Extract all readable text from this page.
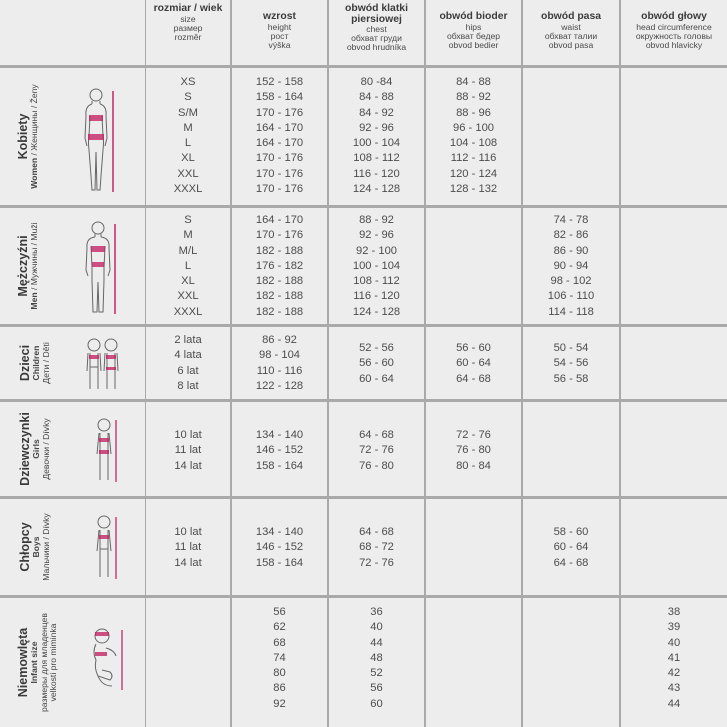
rozmiar / wiek
size
размер
rozměr
wzrost
height
рост
výška
obwód klatki piersiowej
chest
обхват груди
obvod hrudníka
obwód bioder
hips
обхват бедер
obvod bedier
obwód pasa
waist
обхват талии
obvod pasa
obwód głowy
head circumference
окружность головы
obvod hlavicky
Kobiety
Women / Женщины / Ženy
XS
S
S/M
M
L
XL
XXL
XXXL
152 - 158
158 - 164
170 - 176
164 - 170
164 - 170
170 - 176
170 - 176
170 - 176
80 -84
84 - 88
84 - 92
92 - 96
100 - 104
108 - 112
116 - 120
124 - 128
84 - 88
88 - 92
88 - 96
96 - 100
104 - 108
112 - 116
120 - 124
128 - 132
Mężczyźni
Men / Мужчины / Muži
S
M
M/L
L
XL
XXL
XXXL
164 - 170
170 - 176
182 - 188
176 - 182
182 - 188
182 - 188
182 - 188
88 - 92
92 - 96
92 - 100
100 - 104
108 - 112
116 - 120
124 - 128
74 - 78
82 - 86
86 - 90
90 - 94
98 - 102
106 - 110
114 - 118
Dzieci Children Дети / Děti
2 lata
4 lata
6 lat
8 lat
86 - 92
98 - 104
110 - 116
122 - 128
52 - 56
56 - 60
60 - 64
56 - 60
60 - 64
64 - 68
50 - 54
54 - 56
56 - 58
Dziewczynki Girls Девочки / Dívky	10 lat
11 lat
14 lat
134 - 140
146 - 152
158 - 164
64 - 68
72 - 76
76 - 80
72 - 76
76 - 80
80 - 84
Chłopcy Boys Мальчики / Dívky	10 lat
11 lat
14 lat
134 - 140
146 - 152
158 - 164
64 - 68
68 - 72
72 - 76
58 - 60
60 - 64
64 - 68
Niemowlęta Infant size размеры для младенцев velkosti pro miminka
56
62
68
74
80
86
92
36
40
44
48
52
56
60
38
39
40
41
42
43
44
